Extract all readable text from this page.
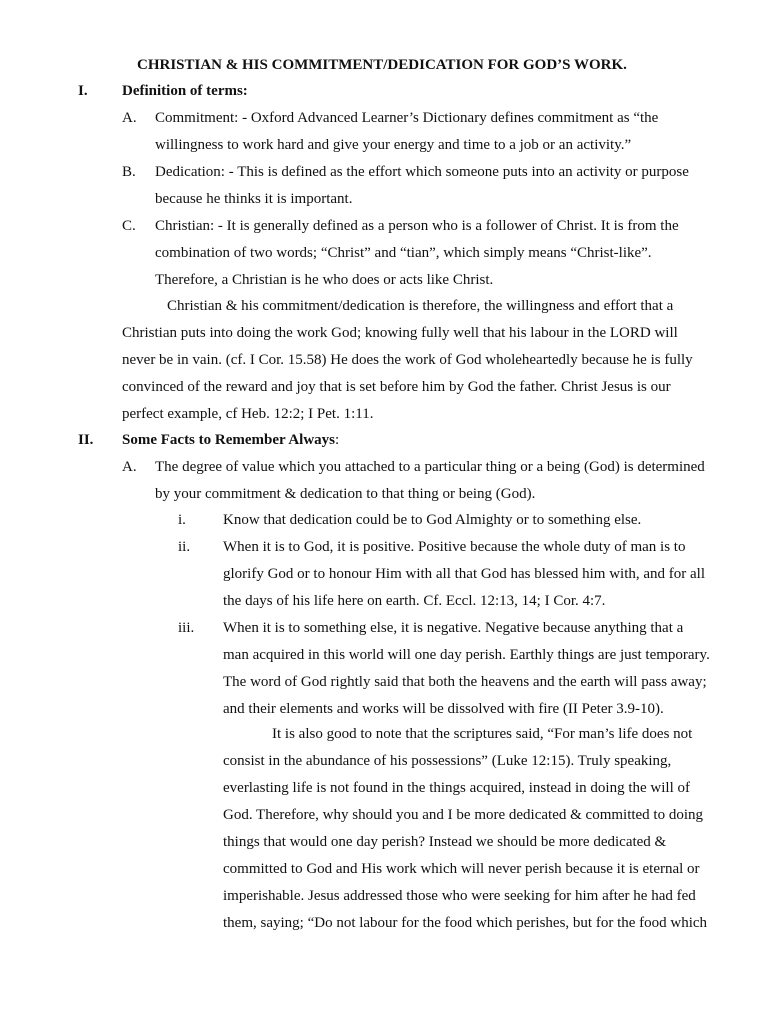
CHRISTIAN & HIS COMMITMENT/DEDICATION FOR GOD’S WORK.
I. Definition of terms:
A. Commitment: - Oxford Advanced Learner’s Dictionary defines commitment as “the
willingness to work hard and give your energy and time to a job or an activity.”
B. Dedication: - This is defined as the effort which someone puts into an activity or purpose
because he thinks it is important.
C. Christian: - It is generally defined as a person who is a follower of Christ. It is from the
combination of two words; “Christ” and “tian”, which simply means “Christ-like”.
Therefore, a Christian is he who does or acts like Christ.
Christian & his commitment/dedication is therefore, the willingness and effort that a
Christian puts into doing the work God; knowing fully well that his labour in the LORD will
never be in vain. (cf. I Cor. 15.58) He does the work of God wholeheartedly because he is fully
convinced of the reward and joy that is set before him by God the father. Christ Jesus is our
perfect example, cf Heb. 12:2; I Pet. 1:11.
II. Some Facts to Remember Always:
A. The degree of value which you attached to a particular thing or a being (God) is determined
by your commitment & dedication to that thing or being (God).
i. Know that dedication could be to God Almighty or to something else.
ii. When it is to God, it is positive. Positive because the whole duty of man is to
glorify God or to honour Him with all that God has blessed him with, and for all
the days of his life here on earth. Cf. Eccl. 12:13, 14; I Cor. 4:7.
iii. When it is to something else, it is negative. Negative because anything that a
man acquired in this world will one day perish. Earthly things are just temporary.
The word of God rightly said that both the heavens and the earth will pass away;
and their elements and works will be dissolved with fire (II Peter 3.9-10).
It is also good to note that the scriptures said, “For man’s life does not
consist in the abundance of his possessions” (Luke 12:15). Truly speaking,
everlasting life is not found in the things acquired, instead in doing the will of
God. Therefore, why should you and I be more dedicated & committed to doing
things that would one day perish? Instead we should be more dedicated &
committed to God and His work which will never perish because it is eternal or
imperishable. Jesus addressed those who were seeking for him after he had fed
them, saying; “Do not labour for the food which perishes, but for the food which
